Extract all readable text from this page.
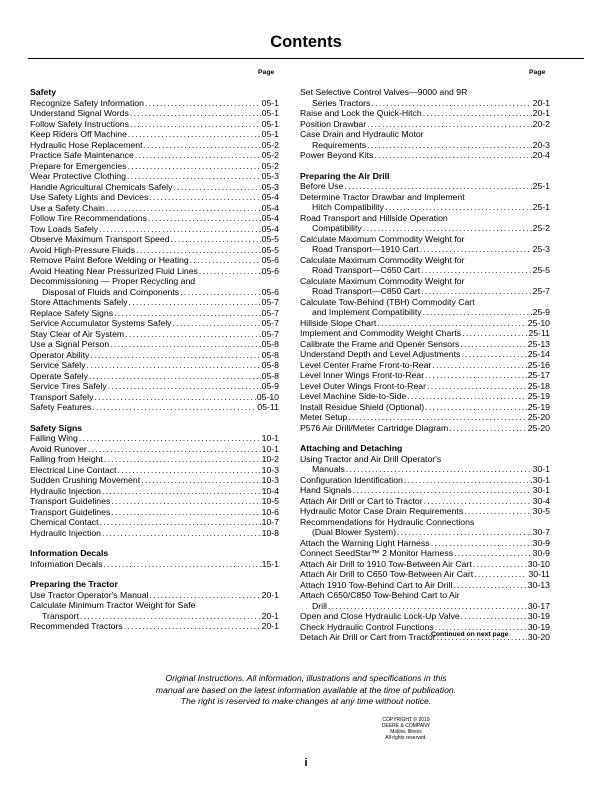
Contents
Page	Page
Safety
Recognize Safety Information .....	05-1
Understand Signal Words .....	05-1
Follow Safety Instructions .....	05-1
Keep Riders Off Machine .....	05-1
Hydraulic Hose Replacement .....	05-2
Practice Safe Maintenance .....	05-2
Prepare for Emergencies .....	05-2
Wear Protective Clothing .....	05-3
Handle Agricultural Chemicals Safely .....	05-3
Use Safety Lights and Devices .....	05-4
Use a Safety Chain .....	05-4
Follow Tire Recommendations .....	05-4
Tow Loads Safely .....	05-4
Observe Maximum Transport Speed .....	05-5
Avoid High-Pressure Fluids .....	05-5
Remove Paint Before Welding or Heating .....	05-6
Avoid Heating Near Pressurized Fluid Lines .....	05-6
Decommissioning — Proper Recycling and
Disposal of Fluids and Components .....	05-6
Store Attachments Safely .....	05-7
Replace Safety Signs .....	05-7
Service Accumulator Systems Safely .....	05-7
Stay Clear of Air System .....	05-7
Use a Signal Person .....	05-8
Operator Ability .....	05-8
Service Safely .....	05-8
Operate Safely .....	05-8
Service Tires Safely .....	05-9
Transport Safely .....	05-10
Safety Features .....	05-11
Safety Signs
Falling Wing .....	10-1
Avoid Runover .....	10-1
Falling from Height .....	10-2
Electrical Line Contact .....	10-3
Sudden Crushing Movement .....	10-3
Hydraulic Injection .....	10-4
Transport Guidelines .....	10-5
Transport Guidelines .....	10-6
Chemical Contact .....	10-7
Hydraulic Injection .....	10-8
Information Decals
Information Decals .....	15-1
Preparing the Tractor
Use Tractor Operator's Manual .....	20-1
Calculate Minimum Tractor Weight for Safe
Transport .....	20-1
Recommended Tractors .....	20-1
Set Selective Control Valves—9000 and 9R
Series Tractors .....	20-1
Raise and Lock the Quick-Hitch .....	20-1
Position Drawbar .....	20-2
Case Drain and Hydraulic Motor
Requirements .....	20-3
Power Beyond Kits .....	20-4
Preparing the Air Drill
Before Use .....	25-1
Determine Tractor Drawbar and Implement
Hitch Compatibility .....	25-1
Road Transport and Hillside Operation
Compatibility .....	25-2
Calculate Maximum Commodity Weight for
Road Transport—1910 Cart .....	25-3
Calculate Maximum Commodity Weight for
Road Transport—C650 Cart .....	25-5
Calculate Maximum Commodity Weight for
Road Transport—C850 Cart .....	25-7
Calculate Tow-Behind (TBH) Commodity Cart
and Implement Compatibility .....	25-9
Hillside Slope Chart .....	25-10
Implement and Commodity Weight Charts .....	25-11
Calibrate the Frame and Opener Sensors .....	25-13
Understand Depth and Level Adjustments .....	25-14
Level Center Frame Front-to-Rear .....	25-16
Level Inner Wings Front-to-Rear .....	25-17
Level Outer Wings Front-to-Rear .....	25-18
Level Machine Side-to-Side .....	25-19
Install Residue Shield (Optional) .....	25-19
Meter Setup .....	25-20
P576 Air Drill/Meter Cartridge Diagram .....	25-20
Attaching and Detaching
Using Tractor and Air Drill Operator's
Manuals .....	30-1
Configuration Identification .....	30-1
Hand Signals .....	30-1
Attach Air Drill or Cart to Tractor .....	30-4
Hydraulic Motor Case Drain Requirements .....	30-5
Recommendations for Hydraulic Connections
(Dual Blower System) .....	30-7
Attach the Warning Light Harness .....	30-9
Connect SeedStar™ 2 Monitor Harness .....	30-9
Attach Air Drill to 1910 Tow-Between Air Cart .....	30-10
Attach Air Drill to C650 Tow-Between Air Cart .....	30-11
Attach 1910 Tow-Behind Cart to Air Drill .....	30-13
Attach C650/C850 Tow-Behind Cart to Air
Drill .....	30-17
Open and Close Hydraulic Lock-Up Valve .....	30-19
Check Hydraulic Control Functions .....	30-19
Detach Air Drill or Cart from Tractor .....	30-20
Continued on next page
Original Instructions. All information, illustrations and specifications in this
manual are based on the latest information available at the time of publication.
The right is reserved to make changes at any time without notice.
COPYRIGHT © 2019
DEERE & COMPANY
Moline, Illinois
All rights reserved.
i
